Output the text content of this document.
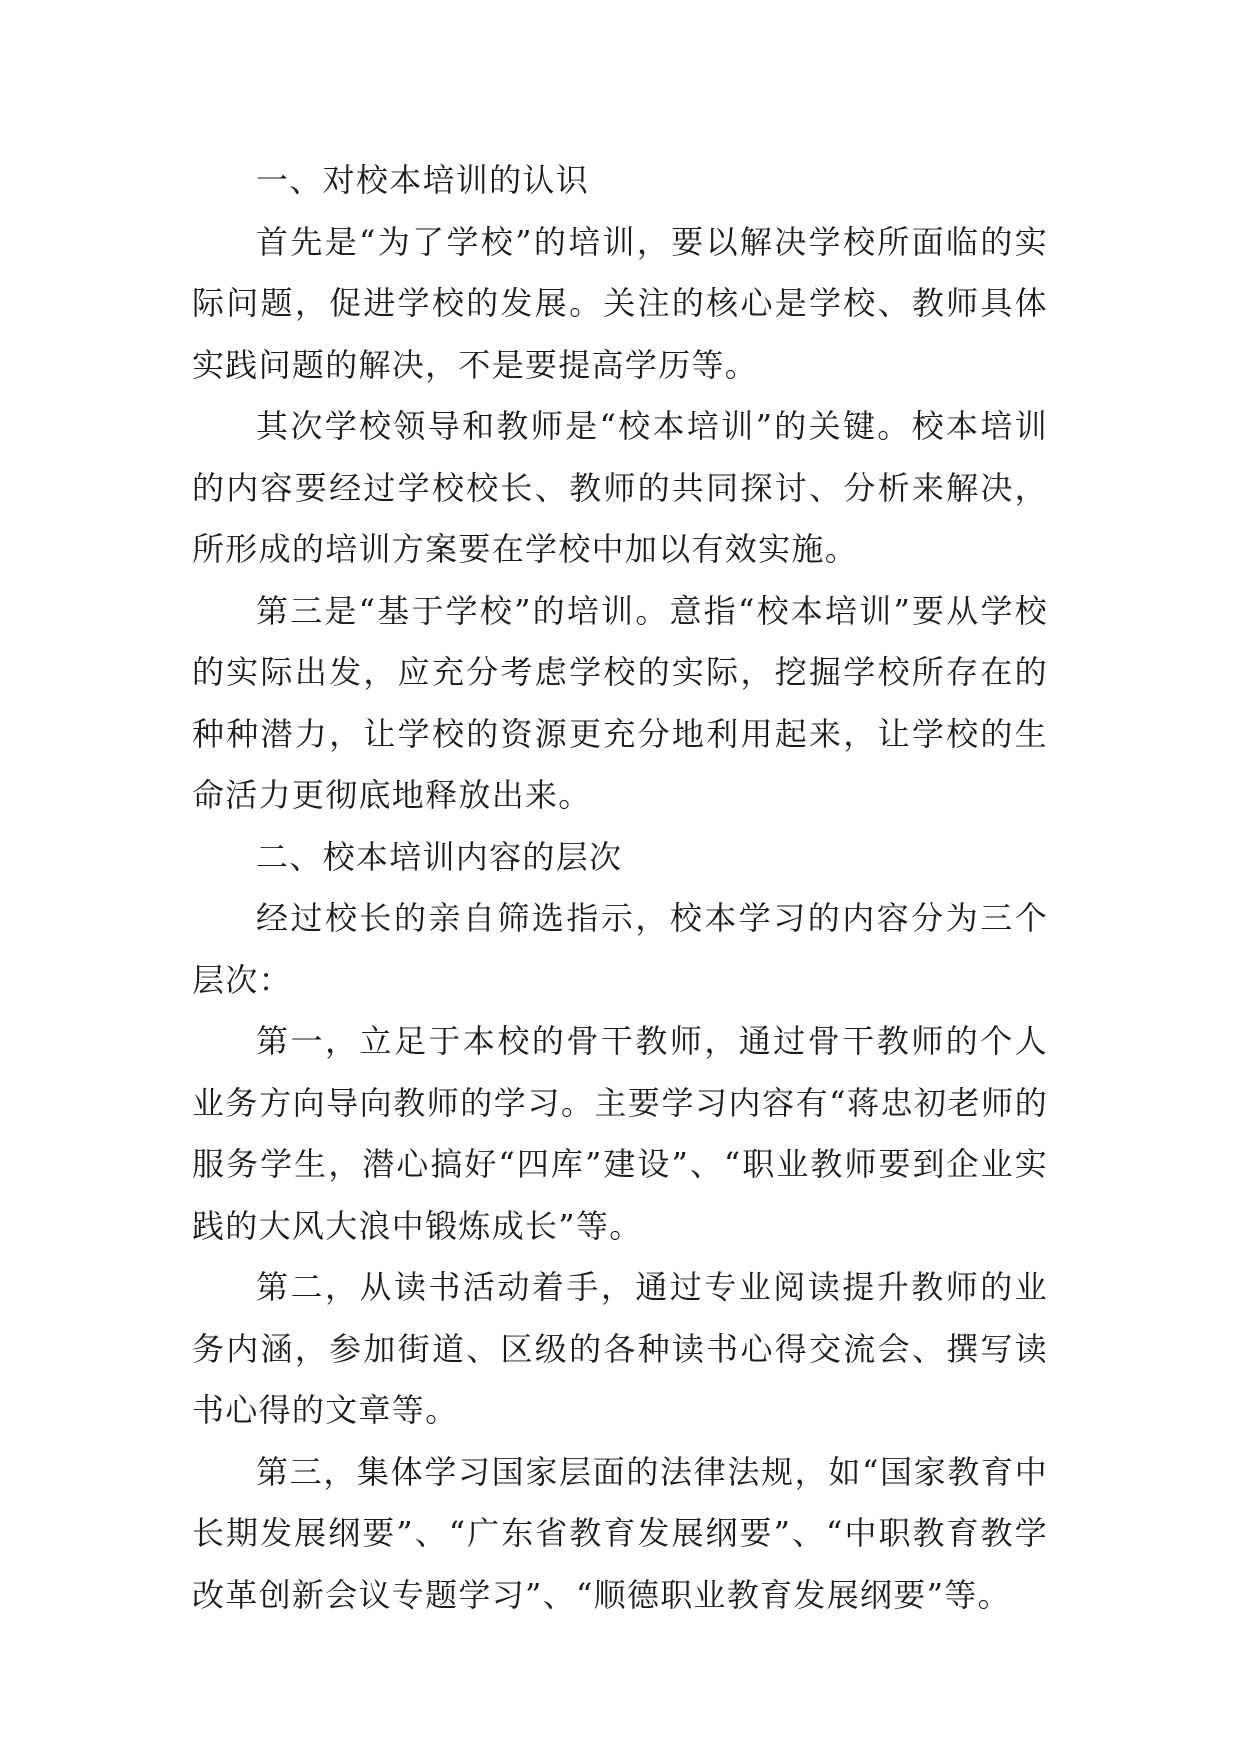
一、对校本培训的认识

首先是“为了学校”的培训，要以解决学校所面临的实际问题，促进学校的发展。关注的核心是学校、教师具体实践问题的解决，不是要提高学历等。

其次学校领导和教师是“校本培训”的关键。校本培训的内容要经过学校校长、教师的共同探讨、分析来解决，所形成的培训方案要在学校中加以有效实施。

第三是“基于学校”的培训。意指“校本培训”要从学校的实际出发，应充分考虑学校的实际，挖掘学校所存在的种种潜力，让学校的资源更充分地利用起来，让学校的生命活力更彻底地释放出来。

二、校本培训内容的层次

经过校长的亲自筛选指示，校本学习的内容分为三个层次：

第一，立足于本校的骨干教师，通过骨干教师的个人业务方向导向教师的学习。主要学习内容有“蒋忠初老师的服务学生，潜心搞好“四库”建设”、“职业教师要到企业实践的大风大浪中锻炼成长”等。

第二，从读书活动着手，通过专业阅读提升教师的业务内涵，参加街道、区级的各种读书心得交流会、撰写读书心得的文章等。

第三，集体学习国家层面的法律法规，如“国家教育中长期发展纲要”、“广东省教育发展纲要”、“中职教育教学改革创新会议专题学习”、“顺德职业教育发展纲要”等。
